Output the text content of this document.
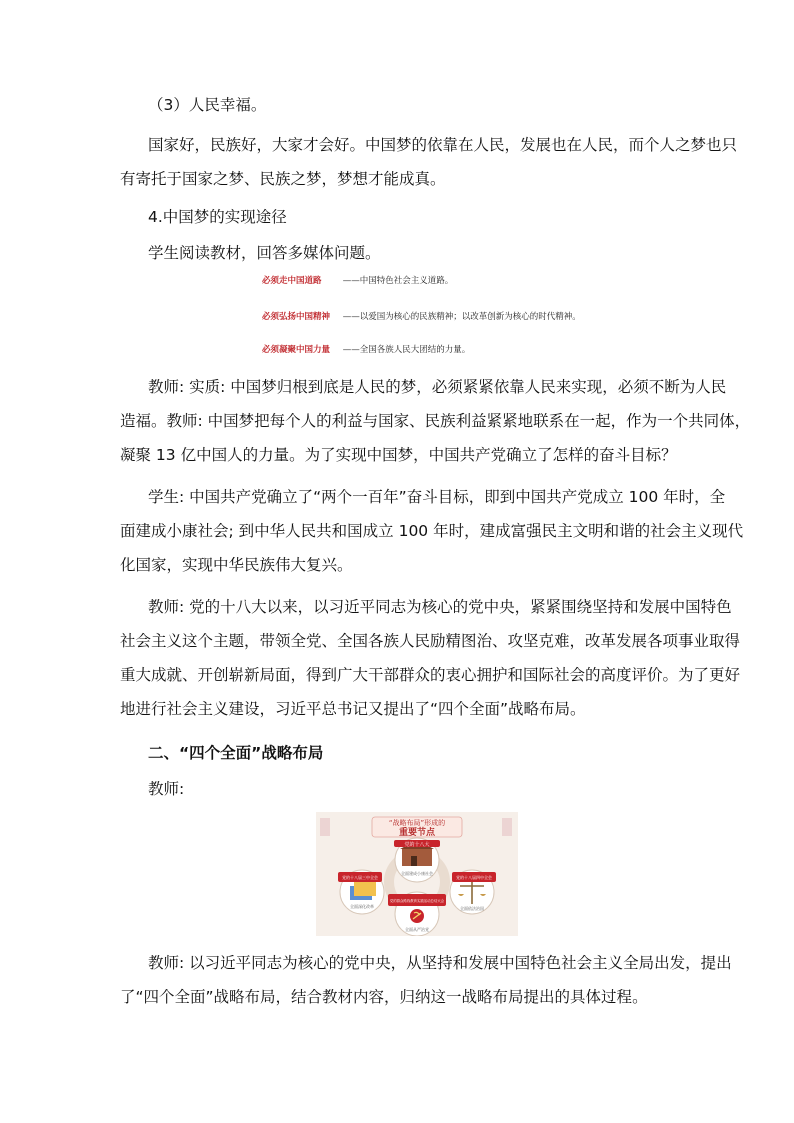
（3）人民幸福。

国家好，民族好，大家才会好。中国梦的依靠在人民，发展也在人民，而个人之梦也只
有寄托于国家之梦、民族之梦，梦想才能成真。

4.中国梦的实现途径

学生阅读教材，回答多媒体问题。

必须走中国道路 ——中国特色社会主义道路。
必须弘扬中国精神 ——以爱国为核心的民族精神；以改革创新为核心的时代精神。
必须凝聚中国力量 ——全国各族人民大团结的力量。

教师: 实质: 中国梦归根到底是人民的梦，必须紧紧依靠人民来实现，必须不断为人民
造福。教师: 中国梦把每个人的利益与国家、民族利益紧紧地联系在一起，作为一个共同体，
凝聚 13 亿中国人的力量。为了实现中国梦，中国共产党确立了怎样的奋斗目标？

学生: 中国共产党确立了“两个一百年”奋斗目标，即到中国共产党成立 100 年时，全
面建成小康社会; 到中华人民共和国成立 100 年时，建成富强民主文明和谐的社会主义现代
化国家，实现中华民族伟大复兴。

教师: 党的十八大以来，以习近平同志为核心的党中央，紧紧围绕坚持和发展中国特色
社会主义这个主题，带领全党、全国各族人民励精图治、攻坚克难，改革发展各项事业取得
重大成就、开创崭新局面，得到广大干部群众的衷心拥护和国际社会的高度评价。为了更好
地进行社会主义建设，习近平总书记又提出了“四个全面”战略布局。

二、“四个全面”战略布局

教师:

“战略布局”形成的
重要节点
党的十八大
全面建成小康社会
党的十八届三中全会
全面深化改革
党的十八届四中全会
全面依法治国
党的群众路线教育实践活动总结大会
全面从严治党

教师: 以习近平同志为核心的党中央，从坚持和发展中国特色社会主义全局出发，提出
了“四个全面”战略布局，结合教材内容，归纳这一战略布局提出的具体过程。
